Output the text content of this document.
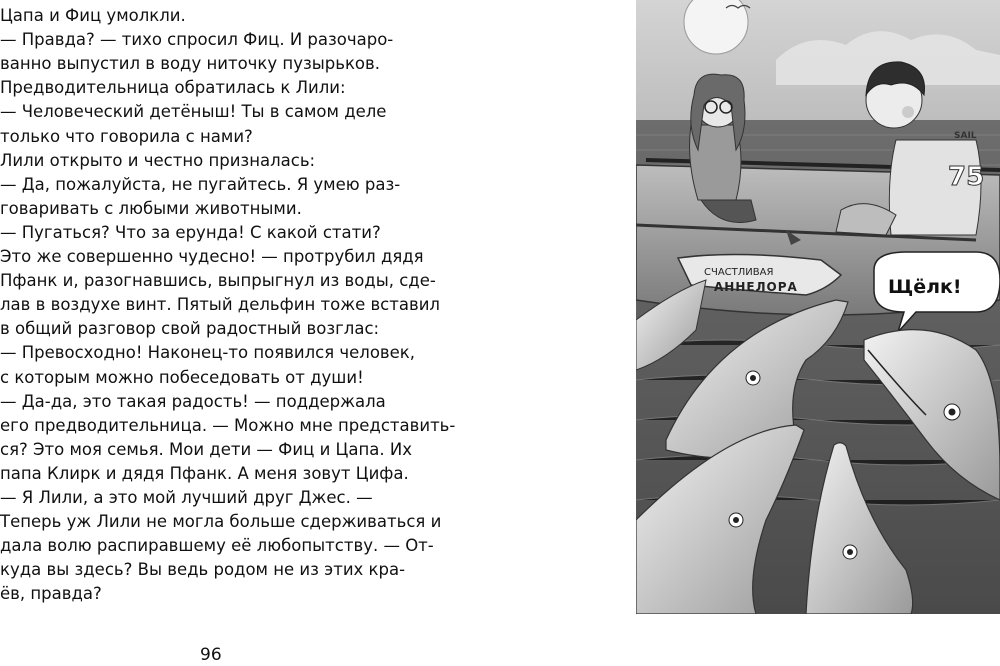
Цапа и Фиц умолкли.
— Правда? — тихо спросил Фиц. И разочаро-
ванно выпустил в воду ниточку пузырьков.
Предводительница обратилась к Лили:
— Человеческий детёныш! Ты в самом деле
только что говорила с нами?
Лили открыто и честно призналась:
— Да, пожалуйста, не пугайтесь. Я умею раз-
говаривать с любыми животными.
— Пугаться? Что за ерунда! С какой стати?
Это же совершенно чудесно! — протрубил дядя
Пфанк и, разогнавшись, выпрыгнул из воды, сде-
лав в воздухе винт. Пятый дельфин тоже вставил
в общий разговор свой радостный возглас:
— Превосходно! Наконец-то появился человек,
с которым можно побеседовать от души!
— Да-да, это такая радость! — поддержала
его предводительница. — Можно мне представить-
ся? Это моя семья. Мои дети — Фиц и Цапа. Их
папа Клирк и дядя Пфанк. А меня зовут Цифа.
— Я Лили, а это мой лучший друг Джес. —
Теперь уж Лили не могла больше сдерживаться и
дала волю распиравшему её любопытству. — От-
куда вы здесь? Вы ведь родом не из этих кра-
ёв, правда?
96
SAIL
75
СЧАСТЛИВАЯ
АННЕЛОРА	Щёлк!
